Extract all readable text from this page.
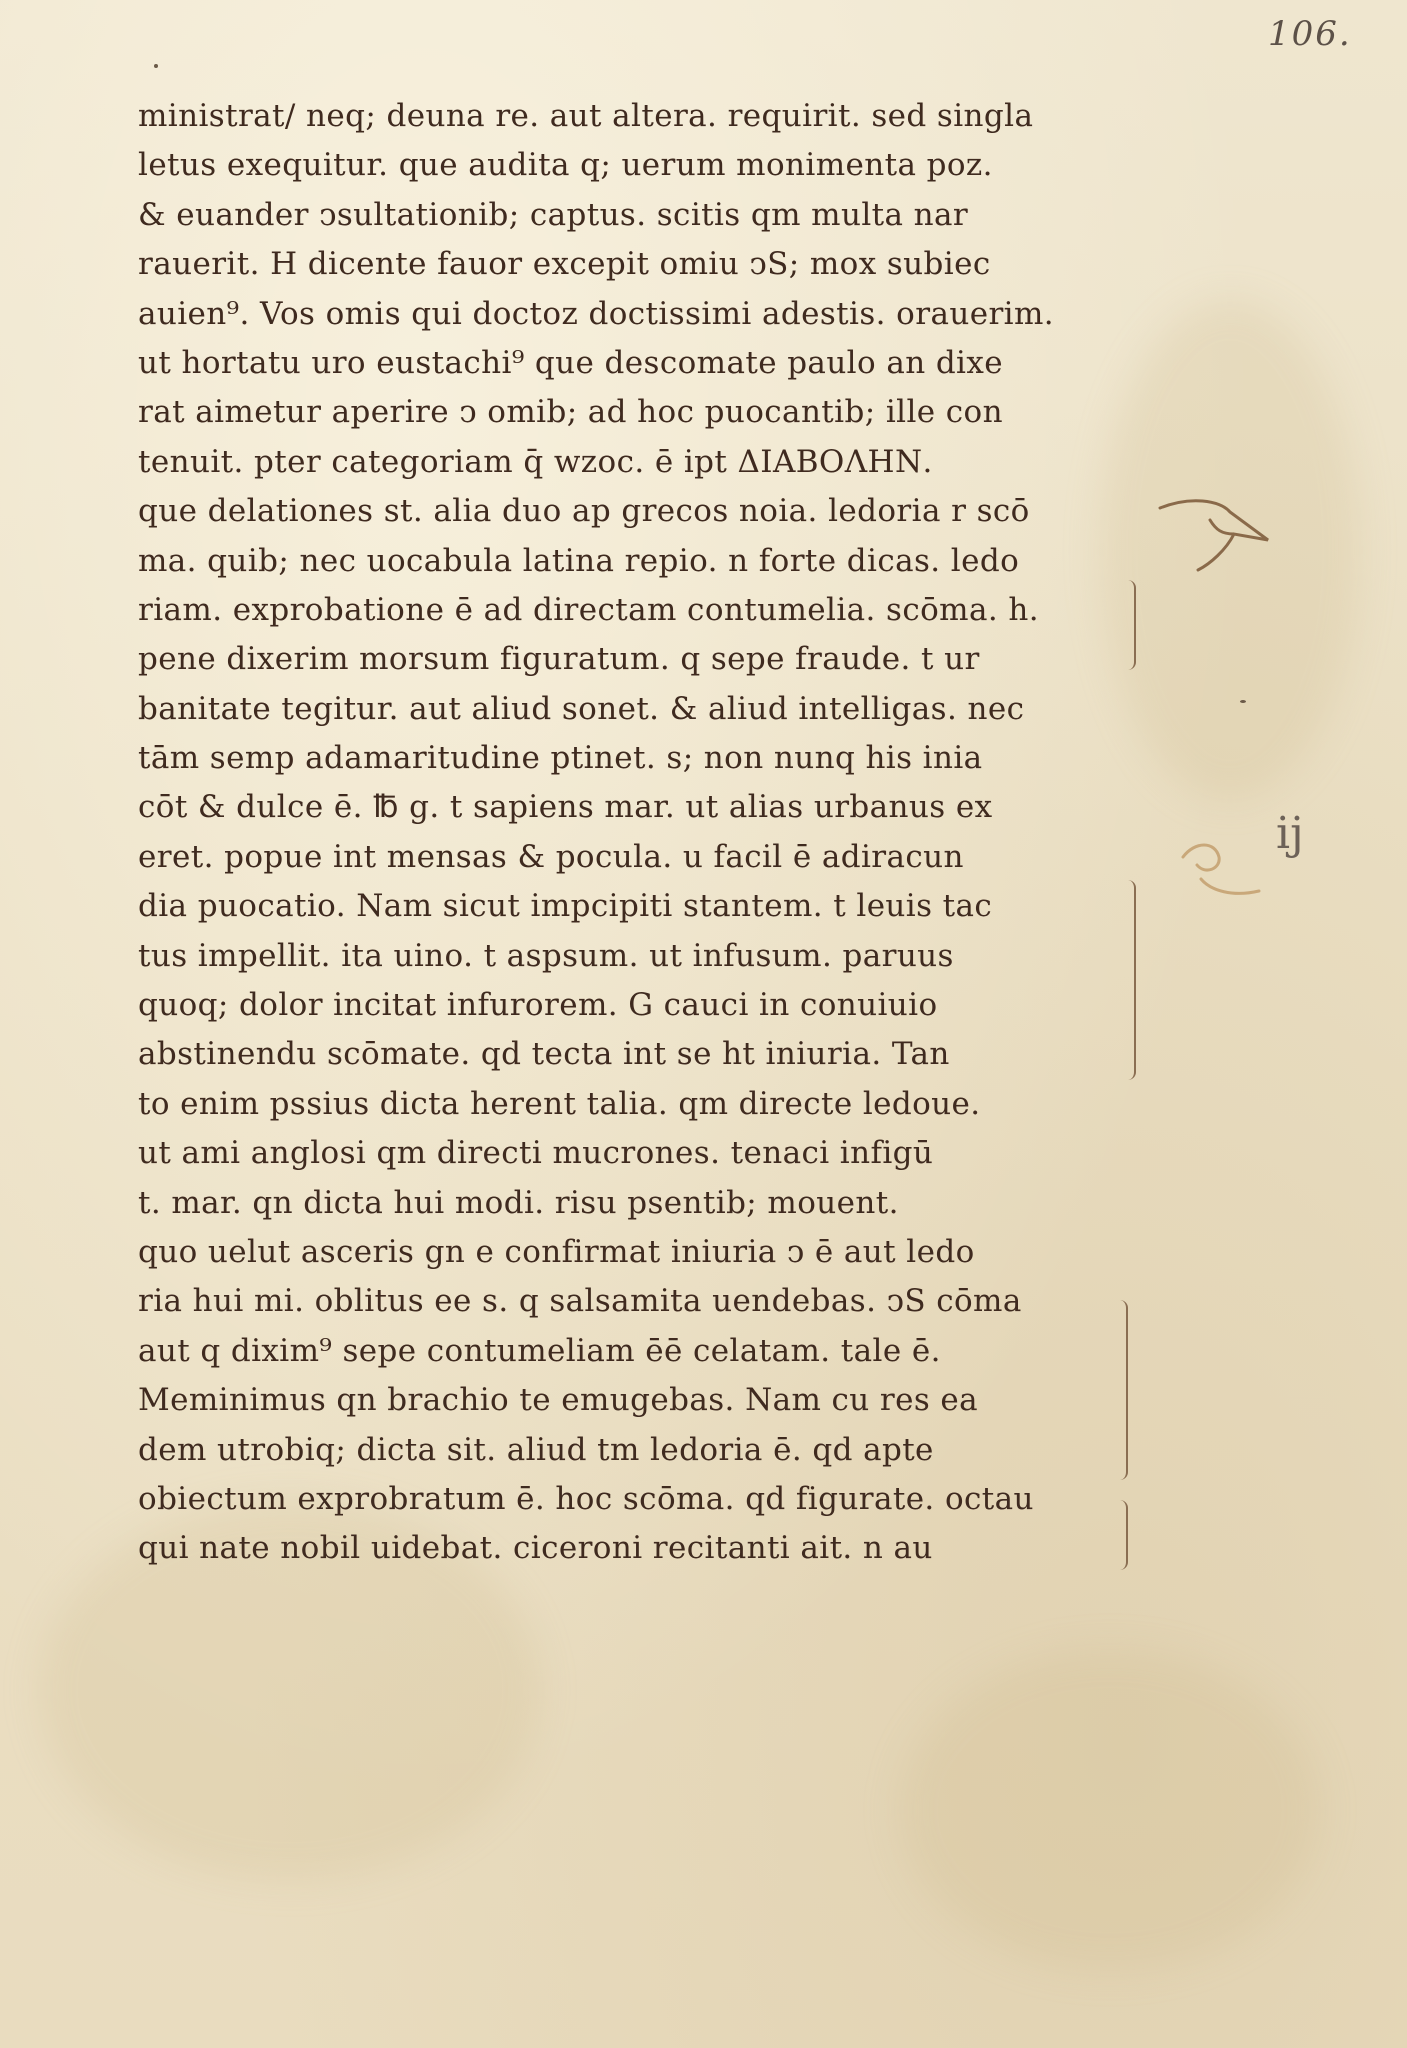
106.
ministrat/ neq; deuna re. aut altera. requirit. sed singla
letus exequitur. que audita q; uerum monimenta poz.
& euander ↄsultationib; captus. scitis qm multa nar
rauerit. H dicente fauor excepit omiu ↄS; mox subiec
auien⁹. Vos omis qui doctoz doctissimi adestis. orauerim.
ut hortatu uro eustachi⁹ que descomate paulo an dixe
rat aimetur aperire ↄ omib; ad hoc puocantib; ille con
tenuit. pter categoriam q̄ wzoc. ē ipt ΔΙΑΒΟΛΗΝ.
que delationes st. alia duo ap grecos noia. ledoria r scō
ma. quib; nec uocabula latina repio. n forte dicas. ledo
riam. exprobatione ē ad directam contumelia. scōma. h.
pene dixerim morsum figuratum. q sepe fraude. t ur
banitate tegitur. aut aliud sonet. & aliud intelligas. nec
tām semp adamaritudine ptinet. s; non nunq his inia
cōt & dulce ē. ℔ g. t sapiens mar. ut alias urbanus ex
eret. popue int mensas & pocula. u facil ē adiracun
dia puocatio. Nam sicut impcipiti stantem. t leuis tac
tus impellit. ita uino. t aspsum. ut infusum. paruus
quoq; dolor incitat infurorem. G cauci in conuiuio
abstinendu scōmate. qd tecta int se ht iniuria. Tan
to enim pssius dicta herent talia. qm directe ledoue.
ut ami anglosi qm directi mucrones. tenaci infigū
t. mar. qn dicta hui modi. risu psentib; mouent.
quo uelut asceris gn e confirmat iniuria ↄ ē aut ledo
ria hui mi. oblitus ee s. q salsamita uendebas. ↄS cōma
aut q dixim⁹ sepe contumeliam ēē celatam. tale ē.
Meminimus qn brachio te emugebas. Nam cu res ea
dem utrobiq; dicta sit. aliud tm ledoria ē. qd apte
obiectum exprobratum ē. hoc scōma. qd figurate. octau
qui nate nobil uidebat. ciceroni recitanti ait. n au
ij
